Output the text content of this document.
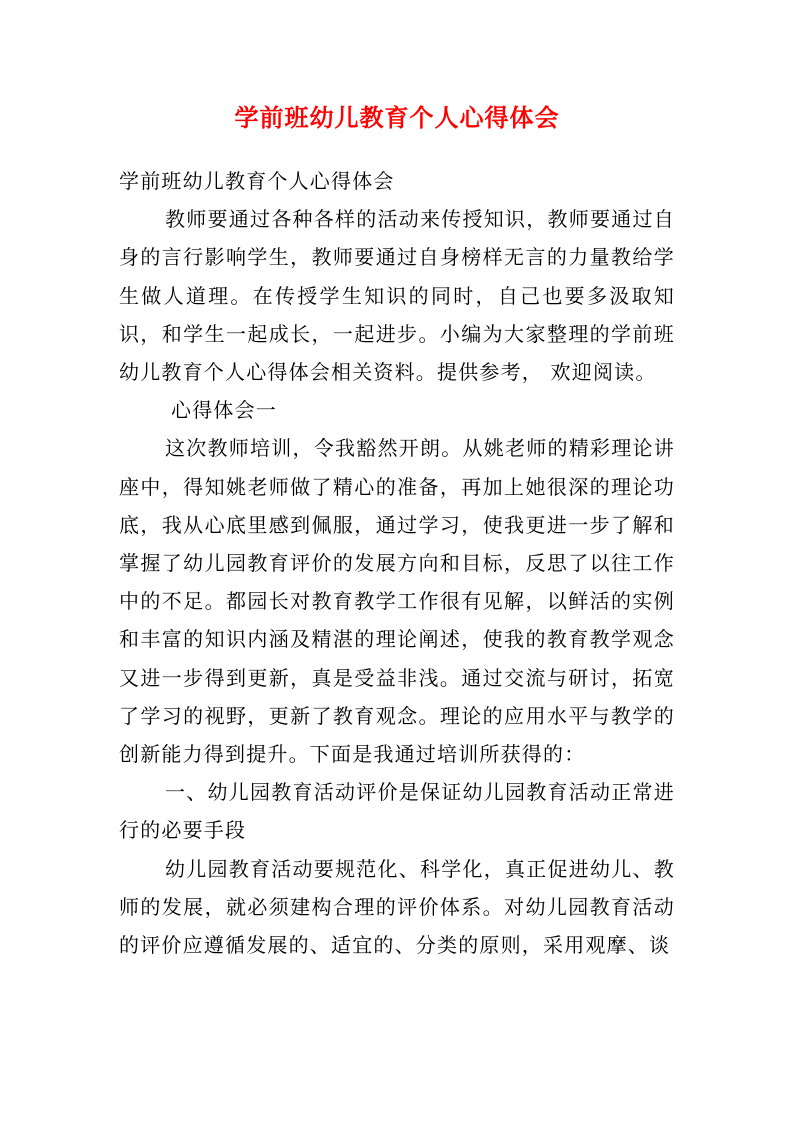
学前班幼儿教育个人心得体会

学前班幼儿教育个人心得体会

教师要通过各种各样的活动来传授知识，教师要通过自身的言行影响学生，教师要通过自身榜样无言的力量教给学生做人道理。在传授学生知识的同时，自己也要多汲取知识，和学生一起成长，一起进步。小编为大家整理的学前班幼儿教育个人心得体会相关资料。提供参考， 欢迎阅读。

心得体会一

这次教师培训，令我豁然开朗。从姚老师的精彩理论讲座中，得知姚老师做了精心的准备，再加上她很深的理论功底，我从心底里感到佩服，通过学习，使我更进一步了解和掌握了幼儿园教育评价的发展方向和目标，反思了以往工作中的不足。都园长对教育教学工作很有见解，以鲜活的实例和丰富的知识内涵及精湛的理论阐述，使我的教育教学观念又进一步得到更新，真是受益非浅。通过交流与研讨，拓宽了学习的视野，更新了教育观念。理论的应用水平与教学的创新能力得到提升。下面是我通过培训所获得的：

一、幼儿园教育活动评价是保证幼儿园教育活动正常进行的必要手段

幼儿园教育活动要规范化、科学化，真正促进幼儿、教师的发展，就必须建构合理的评价体系。对幼儿园教育活动的评价应遵循发展的、适宜的、分类的原则，采用观摩、谈
